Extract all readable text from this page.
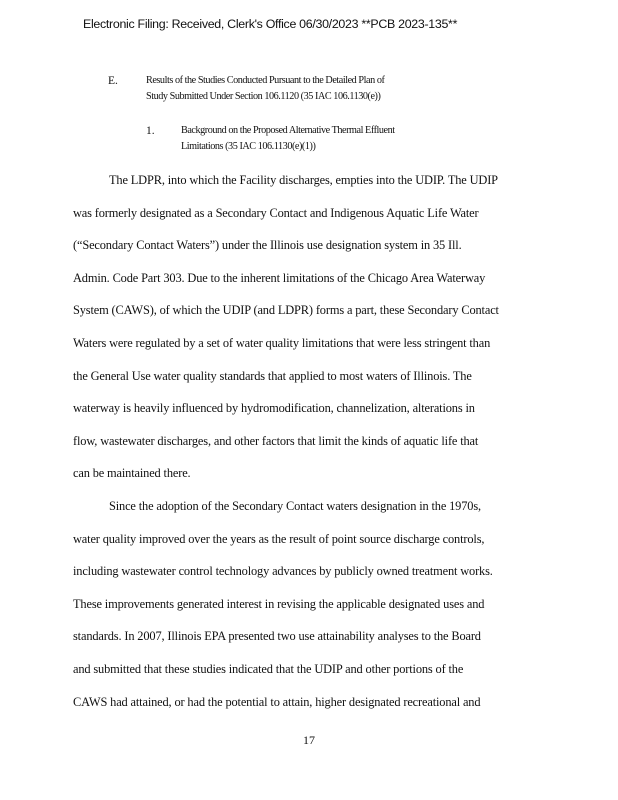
Electronic Filing: Received, Clerk's Office 06/30/2023 **PCB 2023-135**
E.	Results of the Studies Conducted Pursuant to the Detailed Plan of
Study Submitted Under Section 106.1120 (35 IAC 106.1130(e))
1.	Background on the Proposed Alternative Thermal Effluent
Limitations (35 IAC 106.1130(e)(1))
The LDPR, into which the Facility discharges, empties into the UDIP. The UDIP
was formerly designated as a Secondary Contact and Indigenous Aquatic Life Water
(“Secondary Contact Waters”) under the Illinois use designation system in 35 Ill.
Admin. Code Part 303. Due to the inherent limitations of the Chicago Area Waterway
System (CAWS), of which the UDIP (and LDPR) forms a part, these Secondary Contact
Waters were regulated by a set of water quality limitations that were less stringent than
the General Use water quality standards that applied to most waters of Illinois. The
waterway is heavily influenced by hydromodification, channelization, alterations in
flow, wastewater discharges, and other factors that limit the kinds of aquatic life that
can be maintained there.
Since the adoption of the Secondary Contact waters designation in the 1970s,
water quality improved over the years as the result of point source discharge controls,
including wastewater control technology advances by publicly owned treatment works.
These improvements generated interest in revising the applicable designated uses and
standards. In 2007, Illinois EPA presented two use attainability analyses to the Board
and submitted that these studies indicated that the UDIP and other portions of the
CAWS had attained, or had the potential to attain, higher designated recreational and
17
